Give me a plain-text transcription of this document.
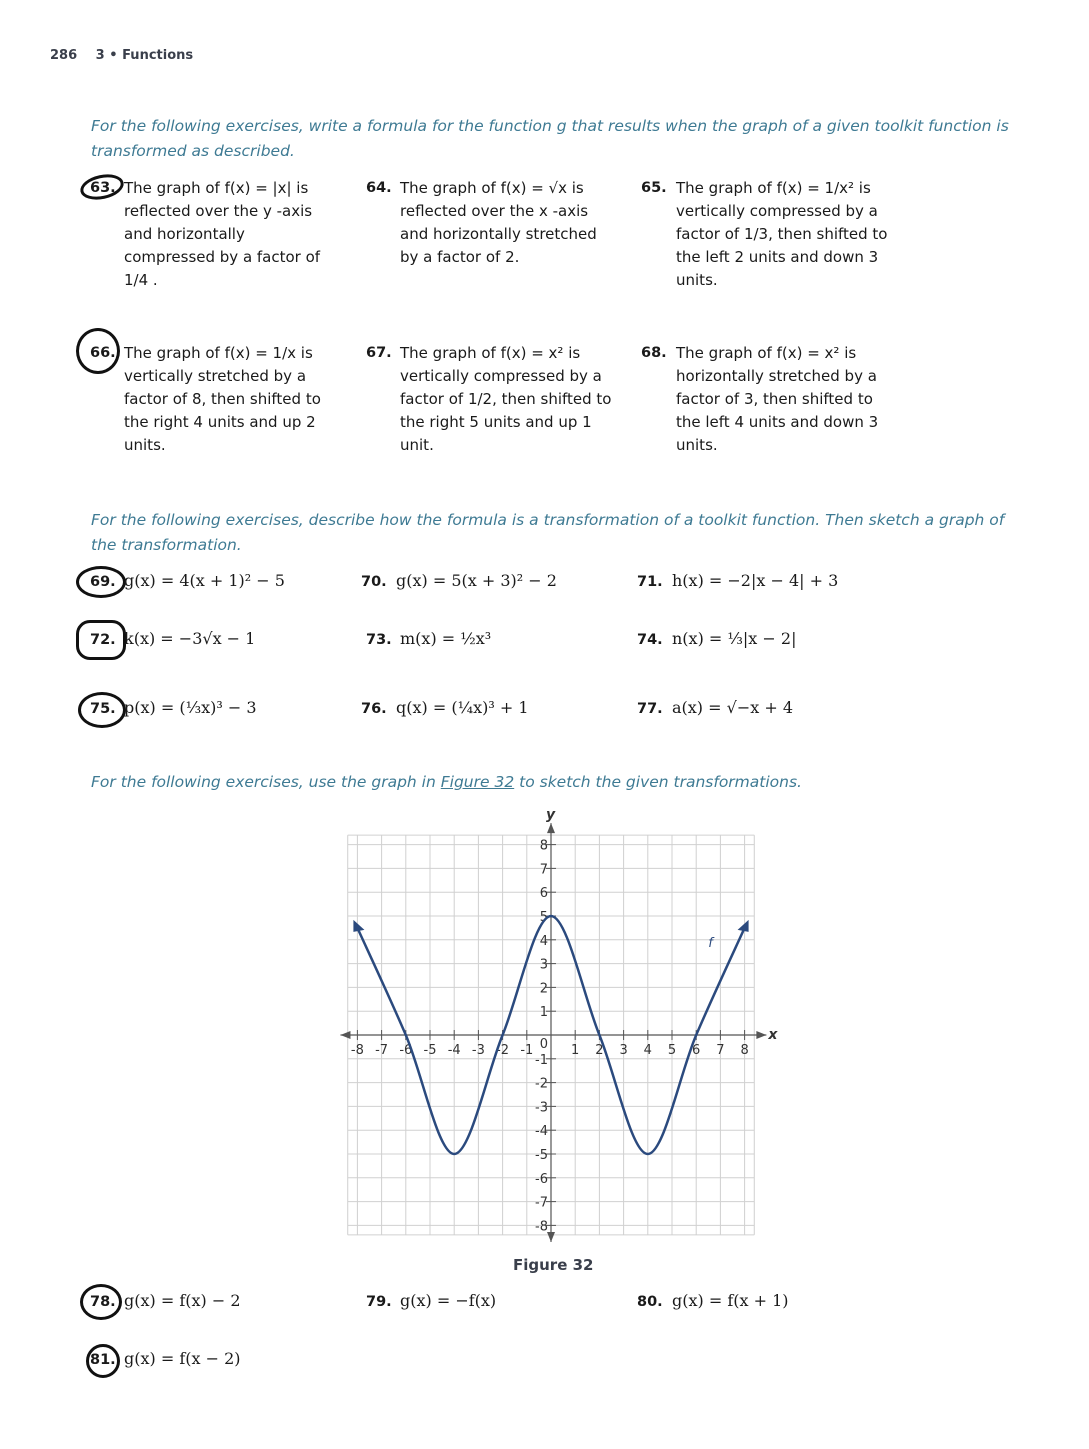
286 3 • Functions
For the following exercises, write a formula for the function g that results when the graph of a given toolkit function is transformed as described.
63. The graph of f(x) = |x| is
reflected over the y -axis
and horizontally
compressed by a factor of
1/4 .
64. The graph of f(x) = √x is
reflected over the x -axis
and horizontally stretched
by a factor of 2.
65. The graph of f(x) = 1/x² is
vertically compressed by a
factor of 1/3, then shifted to
the left 2 units and down 3
units.
66. The graph of f(x) = 1/x is
vertically stretched by a
factor of 8, then shifted to
the right 4 units and up 2
units.
67. The graph of f(x) = x² is
vertically compressed by a
factor of 1/2, then shifted to
the right 5 units and up 1
unit.
68. The graph of f(x) = x² is
horizontally stretched by a
factor of 3, then shifted to
the left 4 units and down 3
units.
For the following exercises, describe how the formula is a transformation of a toolkit function. Then sketch a graph of the transformation.
69. g(x) = 4(x + 1)² − 5	70. g(x) = 5(x + 3)² − 2	71. h(x) = −2|x − 4| + 3
72. k(x) = −3√x − 1	73. m(x) = ½x³	74. n(x) = ⅓|x − 2|
75. p(x) = (⅓x)³ − 3	76. q(x) = (¼x)³ + 1	77. a(x) = √−x + 4
For the following exercises, use the graph in Figure 32 to sketch the given transformations.
x
y
-8 -7 -6 -5 -4 -3 -2 -1	1 2 3 4 5 6 7 8
8
7
6
5
4
3
2
1
-1
-2
-3
-4
-5
-6
-7
-8
0
f
Figure 32
78. g(x) = f(x) − 2	79. g(x) = −f(x)	80. g(x) = f(x + 1)
81. g(x) = f(x − 2)
